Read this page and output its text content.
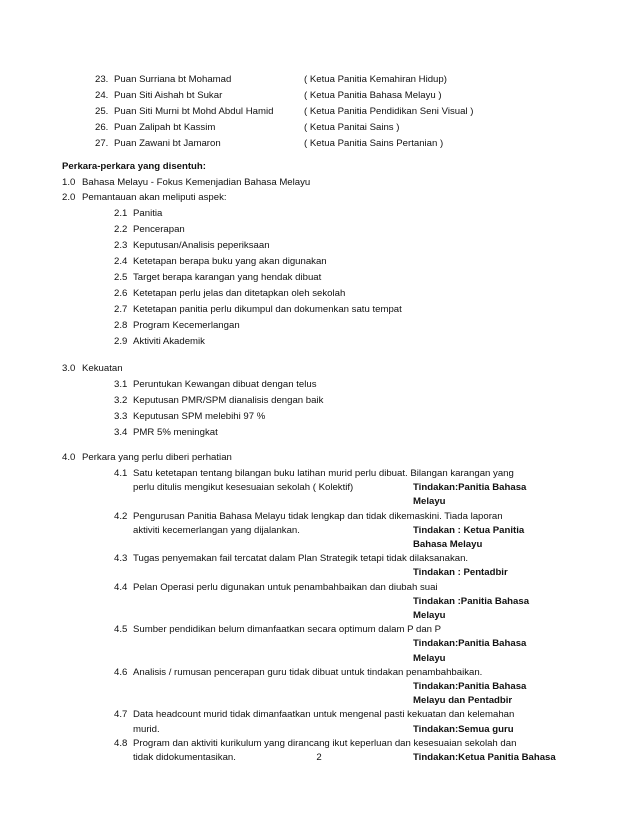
23. Puan Surriana bt Mohamad	( Ketua Panitia Kemahiran Hidup)
24. Puan Siti Aishah bt Sukar	( Ketua Panitia Bahasa Melayu )
25. Puan Siti Murni bt Mohd Abdul Hamid	( Ketua Panitia Pendidikan Seni Visual )
26. Puan Zalipah bt Kassim	( Ketua Panitai Sains )
27. Puan Zawani bt Jamaron	( Ketua Panitia Sains Pertanian )
Perkara-perkara yang disentuh:
1.0 Bahasa Melayu - Fokus Kemenjadian Bahasa Melayu
2.0 Pemantauan akan meliputi aspek:
2.1 Panitia
2.2 Pencerapan
2.3 Keputusan/Analisis peperiksaan
2.4 Ketetapan berapa buku yang akan digunakan
2.5 Target berapa karangan yang hendak dibuat
2.6 Ketetapan perlu jelas dan ditetapkan oleh sekolah
2.7 Ketetapan panitia perlu dikumpul dan dokumenkan satu tempat
2.8 Program Kecemerlangan
2.9 Aktiviti Akademik
3.0 Kekuatan
3.1 Peruntukan Kewangan dibuat dengan telus
3.2 Keputusan PMR/SPM dianalisis dengan baik
3.3 Keputusan SPM melebihi 97 %
3.4 PMR 5% meningkat
4.0 Perkara yang perlu diberi perhatian
2
4.1 Satu ketetapan tentang bilangan buku latihan murid perlu dibuat. Bilangan karangan yang
perlu ditulis mengikut kesesuaian sekolah ( Kolektif)	Tindakan:Panitia Bahasa
Melayu
4.2 Pengurusan Panitia Bahasa Melayu tidak lengkap dan tidak dikemaskini. Tiada laporan
aktiviti kecemerlangan yang dijalankan.	Tindakan : Ketua Panitia
Bahasa Melayu
4.3 Tugas penyemakan fail tercatat dalam Plan Strategik tetapi tidak dilaksanakan.
Tindakan : Pentadbir
4.4 Pelan Operasi perlu digunakan untuk penambahbaikan dan diubah suai
Tindakan :Panitia Bahasa
Melayu
4.5 Sumber pendidikan belum dimanfaatkan secara optimum dalam P dan P
Tindakan:Panitia Bahasa
Melayu
4.6 Analisis / rumusan pencerapan guru tidak dibuat untuk tindakan penambahbaikan.
Tindakan:Panitia Bahasa
Melayu dan Pentadbir
4.7 Data headcount murid tidak dimanfaatkan untuk mengenal pasti kekuatan dan kelemahan
murid.	Tindakan:Semua guru
4.8 Program dan aktiviti kurikulum yang dirancang ikut keperluan dan kesesuaian sekolah dan
tidak didokumentasikan.	Tindakan:Ketua Panitia Bahasa
